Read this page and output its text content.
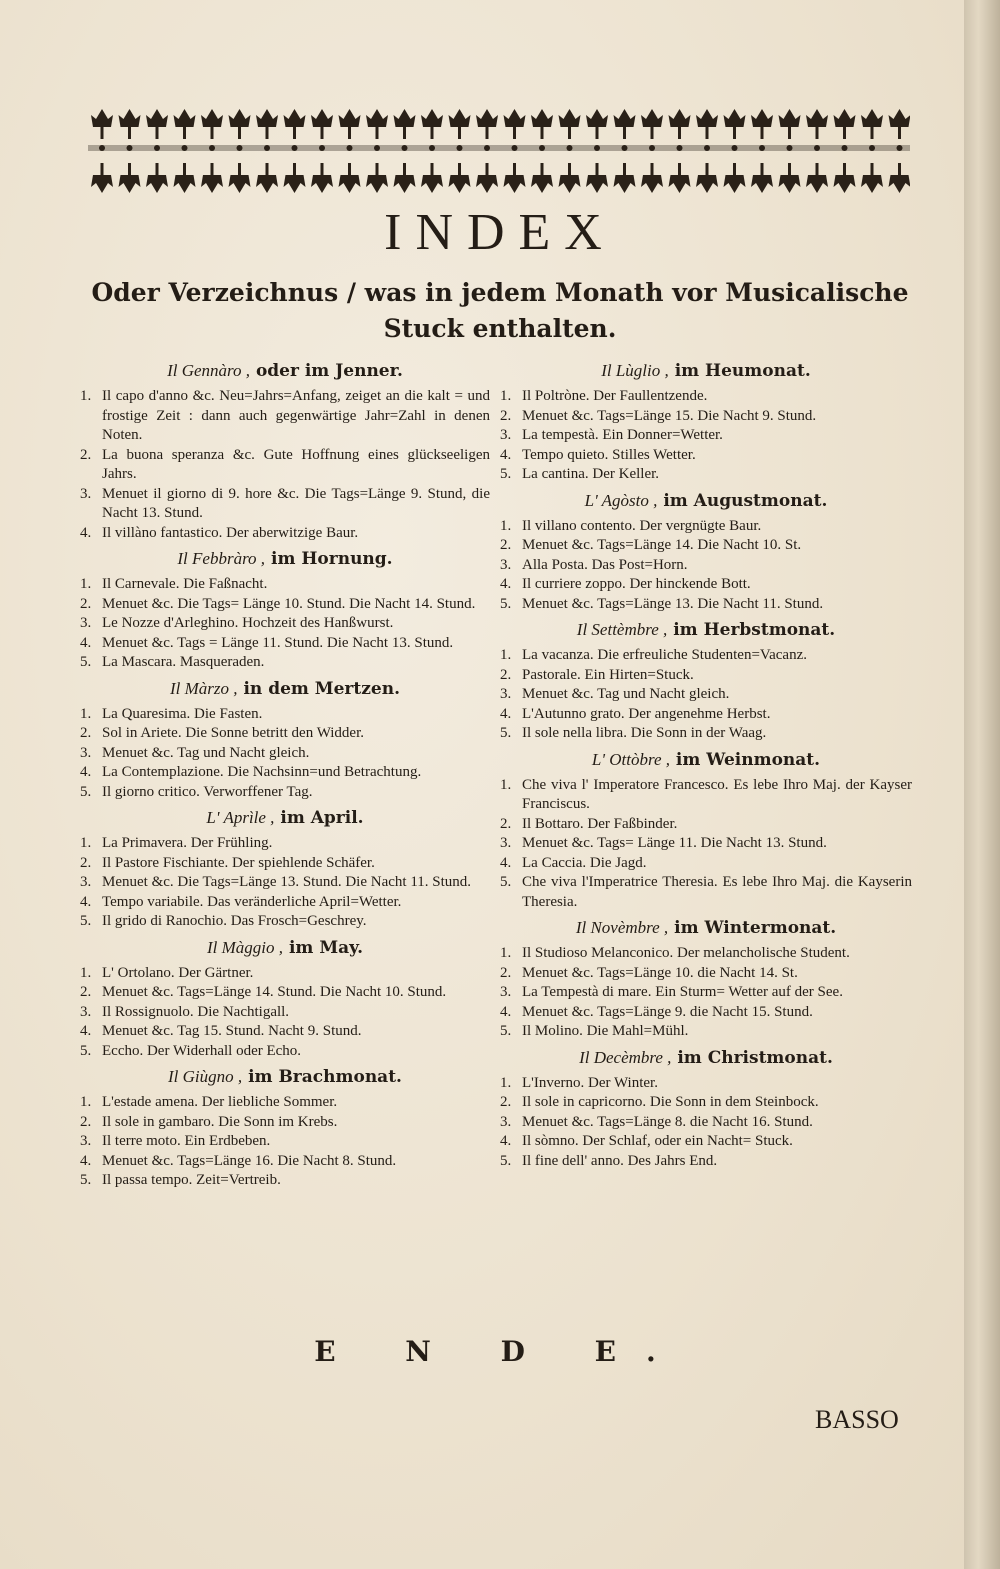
INDEX
Oder Verzeichnus / was in jedem Monath vor Musicalische Stuck enthalten.
Il Gennàro , oder im Jenner.
1. Il capo d'anno &c. Neu=Jahrs=Anfang, zeiget an die kalt = und frostige Zeit : dann auch gegenwärtige Jahr=Zahl in denen Noten.
2. La buona speranza &c. Gute Hoffnung eines glückseeligen Jahrs.
3. Menuet il giorno di 9. hore &c. Die Tags=Länge 9. Stund, die Nacht 13. Stund.
4. Il villàno fantastico. Der aberwitzige Baur.
Il Febbràro , im Hornung.
1. Il Carnevale. Die Faßnacht.
2. Menuet &c. Die Tags= Länge 10. Stund. Die Nacht 14. Stund.
3. Le Nozze d'Arleghino. Hochzeit des Hanßwurst.
4. Menuet &c. Tags = Länge 11. Stund. Die Nacht 13. Stund.
5. La Mascara. Masqueraden.
Il Màrzo , in dem Mertzen.
1. La Quaresima. Die Fasten.
2. Sol in Ariete. Die Sonne betritt den Widder.
3. Menuet &c. Tag und Nacht gleich.
4. La Contemplazione. Die Nachsinn=und Betrachtung.
5. Il giorno critico. Verworffener Tag.
L' Aprìle , im April.
1. La Primavera. Der Frühling.
2. Il Pastore Fischiante. Der spiehlende Schäfer.
3. Menuet &c. Die Tags=Länge 13. Stund. Die Nacht 11. Stund.
4. Tempo variabile. Das veränderliche April=Wetter.
5. Il grido di Ranochio. Das Frosch=Geschrey.
Il Màggio , im May.
1. L' Ortolano. Der Gärtner.
2. Menuet &c. Tags=Länge 14. Stund. Die Nacht 10. Stund.
3. Il Rossignuolo. Die Nachtigall.
4. Menuet &c. Tag 15. Stund. Nacht 9. Stund.
5. Eccho. Der Widerhall oder Echo.
Il Giùgno , im Brachmonat.
1. L'estade amena. Der liebliche Sommer.
2. Il sole in gambaro. Die Sonn im Krebs.
3. Il terre moto. Ein Erdbeben.
4. Menuet &c. Tags=Länge 16. Die Nacht 8. Stund.
5. Il passa tempo. Zeit=Vertreib.
Il Lùglio , im Heumonat.
1. Il Poltròne. Der Faullentzende.
2. Menuet &c. Tags=Länge 15. Die Nacht 9. Stund.
3. La tempestà. Ein Donner=Wetter.
4. Tempo quieto. Stilles Wetter.
5. La cantina. Der Keller.
L' Agòsto , im Augustmonat.
1. Il villano contento. Der vergnügte Baur.
2. Menuet &c. Tags=Länge 14. Die Nacht 10. St.
3. Alla Posta. Das Post=Horn.
4. Il curriere zoppo. Der hinckende Bott.
5. Menuet &c. Tags=Länge 13. Die Nacht 11. Stund.
Il Settèmbre , im Herbstmonat.
1. La vacanza. Die erfreuliche Studenten=Vacanz.
2. Pastorale. Ein Hirten=Stuck.
3. Menuet &c. Tag und Nacht gleich.
4. L'Autunno grato. Der angenehme Herbst.
5. Il sole nella libra. Die Sonn in der Waag.
L' Ottòbre , im Weinmonat.
1. Che viva l' Imperatore Francesco. Es lebe Ihro Maj. der Kayser Franciscus.
2. Il Bottaro. Der Faßbinder.
3. Menuet &c. Tags= Länge 11. Die Nacht 13. Stund.
4. La Caccia. Die Jagd.
5. Che viva l'Imperatrice Theresia. Es lebe Ihro Maj. die Kayserin Theresia.
Il Novèmbre , im Wintermonat.
1. Il Studioso Melanconico. Der melancholische Student.
2. Menuet &c. Tags=Länge 10. die Nacht 14. St.
3. La Tempestà di mare. Ein Sturm= Wetter auf der See.
4. Menuet &c. Tags=Länge 9. die Nacht 15. Stund.
5. Il Molino. Die Mahl=Mühl.
Il Decèmbre , im Christmonat.
1. L'Inverno. Der Winter.
2. Il sole in capricorno. Die Sonn in dem Steinbock.
3. Menuet &c. Tags=Länge 8. die Nacht 16. Stund.
4. Il sòmno. Der Schlaf, oder ein Nacht= Stuck.
5. Il fine dell' anno. Des Jahrs End.
E N D E.
BASSO
